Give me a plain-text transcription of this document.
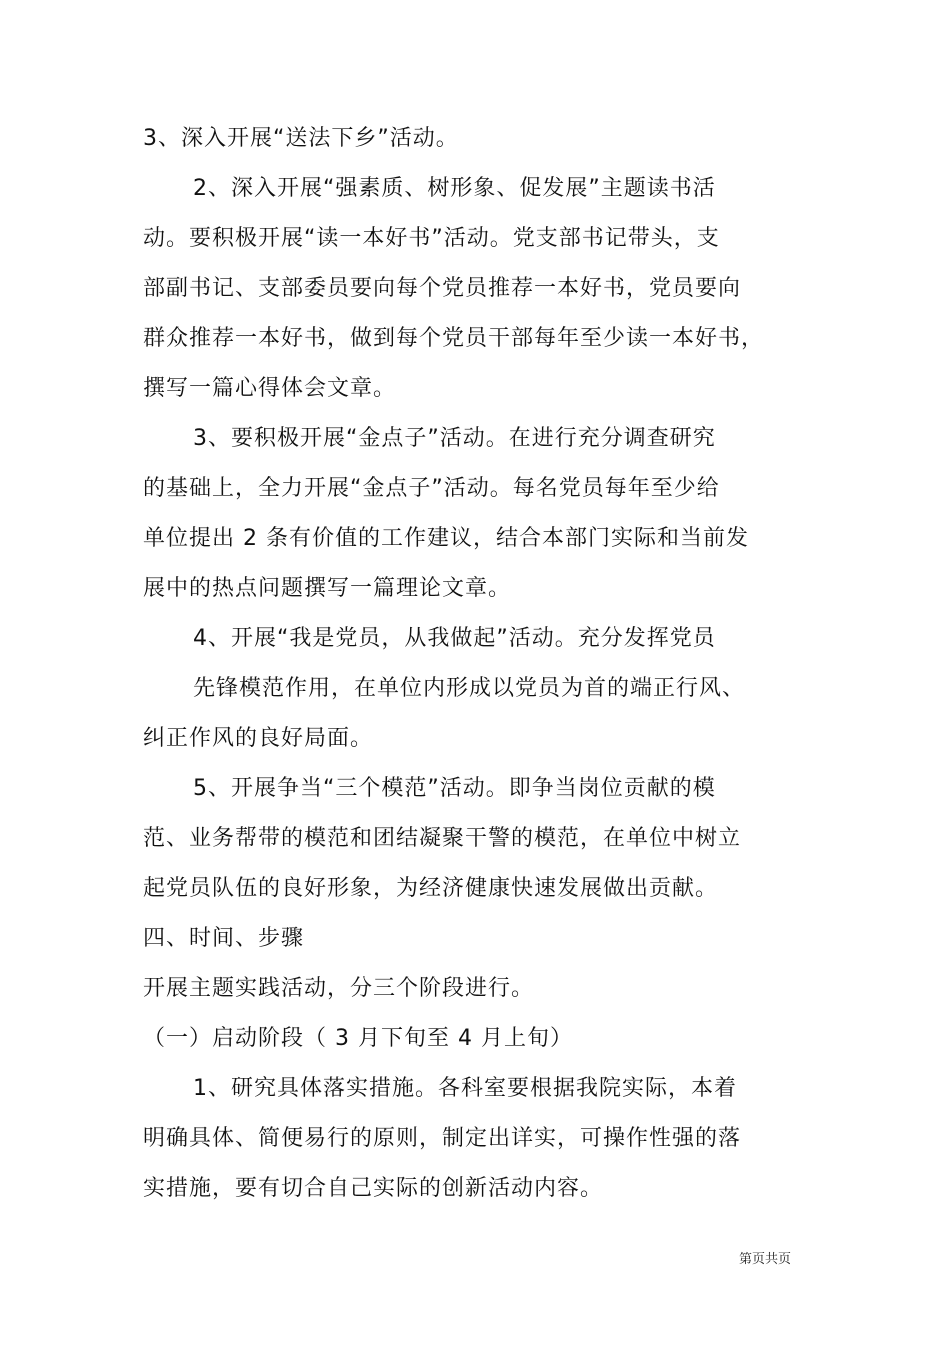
3、深入开展“送法下乡”活动。
2、深入开展“强素质、树形象、促发展”主题读书活
动。要积极开展“读一本好书”活动。党支部书记带头，支
部副书记、支部委员要向每个党员推荐一本好书，党员要向
群众推荐一本好书，做到每个党员干部每年至少读一本好书，
撰写一篇心得体会文章。
3、要积极开展“金点子”活动。在进行充分调查研究
的基础上，全力开展“金点子”活动。每名党员每年至少给
单位提出 2 条有价值的工作建议，结合本部门实际和当前发
展中的热点问题撰写一篇理论文章。
4、开展“我是党员，从我做起”活动。充分发挥党员
先锋模范作用，在单位内形成以党员为首的端正行风、
纠正作风的良好局面。
5、开展争当“三个模范”活动。即争当岗位贡献的模
范、业务帮带的模范和团结凝聚干警的模范，在单位中树立
起党员队伍的良好形象，为经济健康快速发展做出贡献。
四、时间、步骤
开展主题实践活动，分三个阶段进行。
（一）启动阶段（ 3 月下旬至 4 月上旬）
1、研究具体落实措施。各科室要根据我院实际，本着
明确具体、简便易行的原则，制定出详实，可操作性强的落
实措施，要有切合自己实际的创新活动内容。
第页共页
